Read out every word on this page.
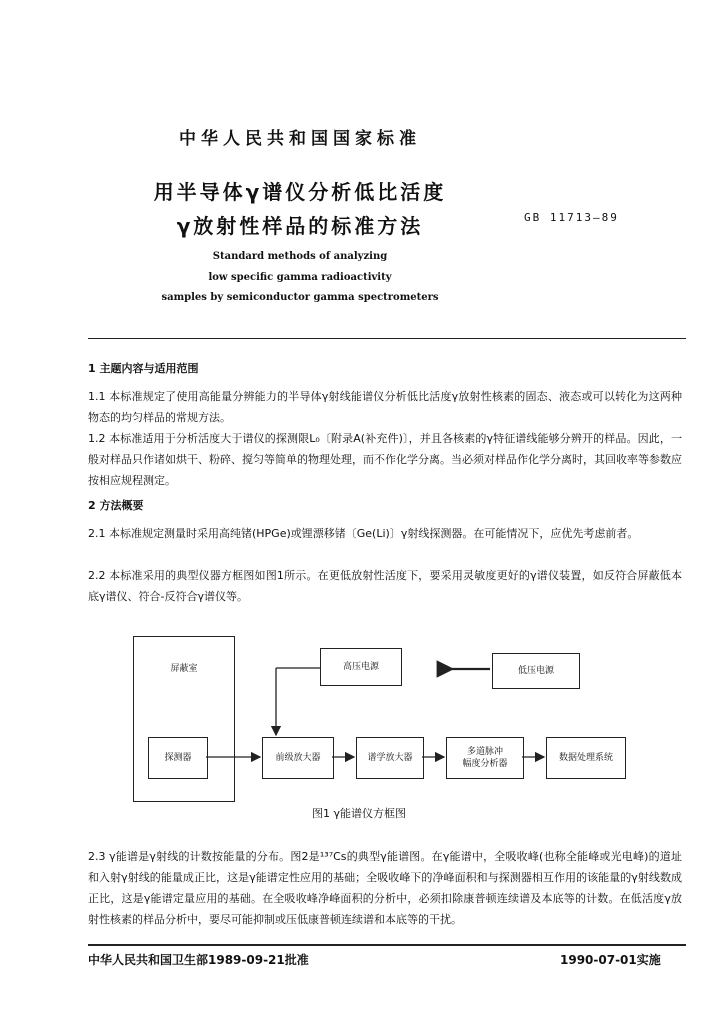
中华人民共和国国家标准
用半导体γ谱仪分析低比活度
γ放射性样品的标准方法	GB 11713—89
Standard methods of analyzing
low specific gamma radioactivity
samples by semiconductor gamma spectrometers
1 主题内容与适用范围
1.1 本标准规定了使用高能量分辨能力的半导体γ射线能谱仪分析低比活度γ放射性核素的固态、液态或可以转化为这两种物态的均匀样品的常规方法。
1.2 本标准适用于分析活度大于谱仪的探测限L₀〔附录A(补充件)〕，并且各核素的γ特征谱线能够分辨开的样品。因此，一般对样品只作诸如烘干、粉碎、搅匀等简单的物理处理，而不作化学分离。当必须对样品作化学分离时，其回收率等参数应按相应规程测定。
2 方法概要
2.1 本标准规定测量时采用高纯锗(HPGe)或锂漂移锗〔Ge(Li)〕γ射线探测器。在可能情况下，应优先考虑前者。
2.2 本标准采用的典型仪器方框图如图1所示。在更低放射性活度下，要采用灵敏度更好的γ谱仪装置，如反符合屏蔽低本底γ谱仪、符合-反符合γ谱仪等。
屏蔽室	高压电源	低压电源
探测器	前级放大器	谱学放大器
多道脉冲
幅度分析器
数据处理系统
图1 γ能谱仪方框图
2.3 γ能谱是γ射线的计数按能量的分布。图2是¹³⁷Cs的典型γ能谱图。在γ能谱中，全吸收峰(也称全能峰或光电峰)的道址和入射γ射线的能量成正比，这是γ能谱定性应用的基础；全吸收峰下的净峰面积和与探测器相互作用的该能量的γ射线数成正比，这是γ能谱定量应用的基础。在全吸收峰净峰面积的分析中，必须扣除康普顿连续谱及本底等的计数。在低活度γ放射性核素的样品分析中，要尽可能抑制或压低康普顿连续谱和本底等的干扰。
中华人民共和国卫生部1989-09-21批准	1990-07-01实施
